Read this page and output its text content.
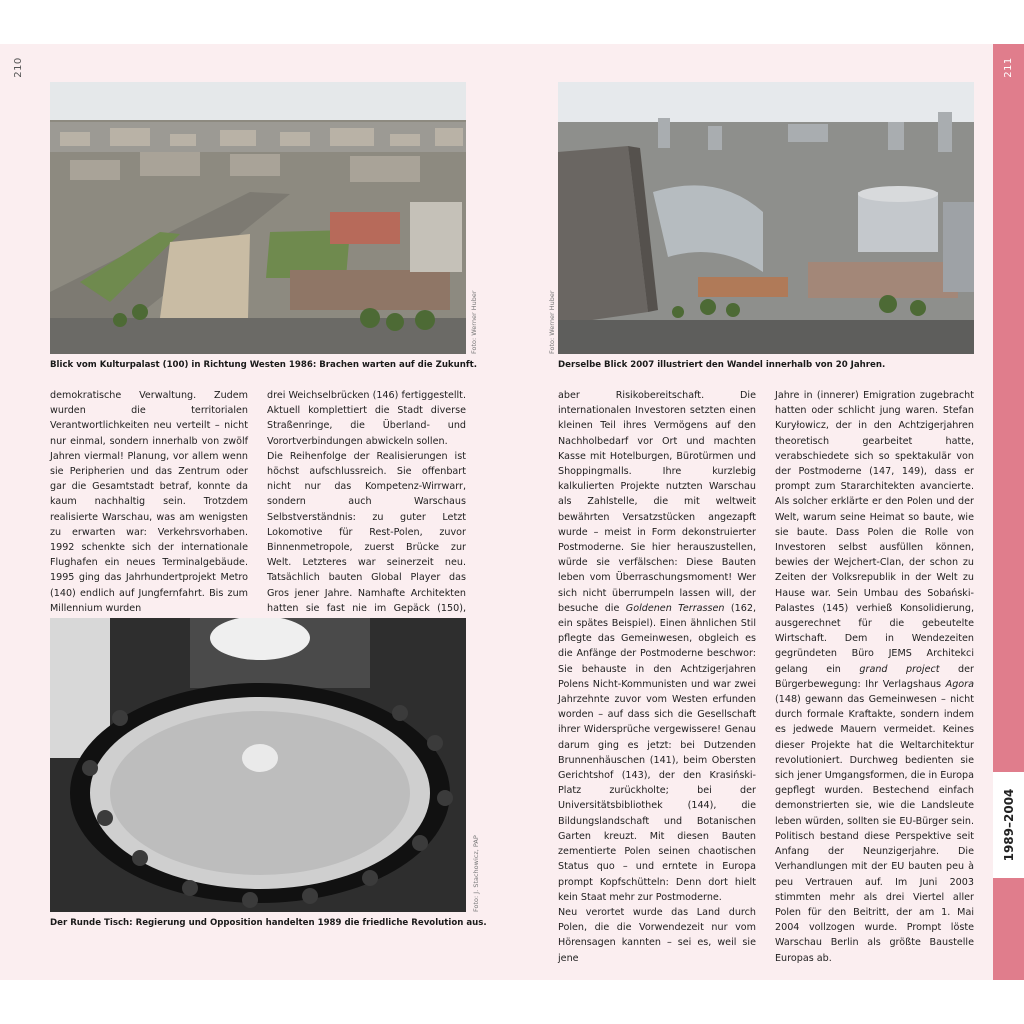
210
Foto: Werner Huber
Blick vom Kulturpalast (100) in Richtung Westen 1986: Brachen warten auf die Zukunft.

demokratische Verwaltung. Zudem wurden die territorialen Verantwortlichkeiten neu verteilt – nicht nur einmal, sondern innerhalb von zwölf Jahren viermal! Planung, vor allem wenn sie Peripherien und das Zentrum oder gar die Gesamtstadt betraf, konnte da kaum nachhaltig sein. Trotzdem realisierte Warschau, was am wenigsten zu erwarten war: Verkehrsvorhaben. 1992 schenkte sich der internationale Flughafen ein neues Terminalgebäude. 1995 ging das Jahrhundertprojekt Metro (140) endlich auf Jungfernfahrt. Bis zum Millennium wurden

drei Weichselbrücken (146) fertiggestellt. Aktuell komplettiert die Stadt diverse Straßenringe, die Überland- und Vorortverbindungen abwickeln sollen.

Die Reihenfolge der Realisierungen ist höchst aufschlussreich. Sie offenbart nicht nur das Kompetenz-Wirrwarr, sondern auch Warschaus Selbstverständnis: zu guter Letzt Lokomotive für Rest-Polen, zuvor Binnenmetropole, zuerst Brücke zur Welt. Letzteres war seinerzeit neu. Tatsächlich bauten Global Player das Gros jener Jahre. Namhafte Architekten hatten sie fast nie im Gepäck (150),

Foto: J. Stachowicz, PAP
Der Runde Tisch: Regierung und Opposition handelten 1989 die friedliche Revolution aus.
211
1989–2004
Foto: Werner Huber
Derselbe Blick 2007 illustriert den Wandel innerhalb von 20 Jahren.

aber Risikobereitschaft. Die internationalen Investoren setzten einen kleinen Teil ihres Vermögens auf den Nachholbedarf vor Ort und machten Kasse mit Hotelburgen, Bürotürmen und Shoppingmalls. Ihre kurzlebig kalkulierten Projekte nutzten Warschau als Zahlstelle, die mit weltweit bewährten Versatzstücken angezapft wurde – meist in Form dekonstruierter Postmoderne. Sie hier herauszustellen, würde sie verfälschen: Diese Bauten leben vom Überraschungsmoment! Wer sich nicht überrumpeln lassen will, der besuche die Goldenen Terrassen (162, ein spätes Beispiel). Einen ähnlichen Stil pflegte das Gemeinwesen, obgleich es die Anfänge der Postmoderne beschwor: Sie behauste in den Achtzigerjahren Polens Nicht-Kommunisten und war zwei Jahrzehnte zuvor vom Westen erfunden worden – auf dass sich die Gesellschaft ihrer Widersprüche vergewissere! Genau darum ging es jetzt: bei Dutzenden Brunnenhäuschen (141), beim Obersten Gerichtshof (143), der den Krasiński-Platz zurückholte; bei der Universitätsbibliothek (144), die Bildungslandschaft und Botanischen Garten kreuzt. Mit diesen Bauten zementierte Polen seinen chaotischen Status quo – und erntete in Europa prompt Kopfschütteln: Denn dort hielt kein Staat mehr zur Postmoderne.

Neu verortet wurde das Land durch Polen, die die Vorwendezeit nur vom Hörensagen kannten – sei es, weil sie jene

Jahre in (innerer) Emigration zugebracht hatten oder schlicht jung waren. Stefan Kuryłowicz, der in den Achtzigerjahren theoretisch gearbeitet hatte, verabschiedete sich so spektakulär von der Postmoderne (147, 149), dass er prompt zum Stararchitekten avancierte. Als solcher erklärte er den Polen und der Welt, warum seine Heimat so baute, wie sie baute. Dass Polen die Rolle von Investoren selbst ausfüllen können, bewies der Wejchert-Clan, der schon zu Zeiten der Volksrepublik in der Welt zu Hause war. Sein Umbau des Sobański-Palastes (145) verhieß Konsolidierung, ausgerechnet für die gebeutelte Wirtschaft. Dem in Wendezeiten gegründeten Büro JEMS Architekci gelang ein grand project der Bürgerbewegung: Ihr Verlagshaus Agora (148) gewann das Gemeinwesen – nicht durch formale Kraftakte, sondern indem es jedwede Mauern vermeidet. Keines dieser Projekte hat die Weltarchitektur revolutioniert. Durchweg bedienten sie sich jener Umgangsformen, die in Europa gepflegt wurden. Bestechend einfach demonstrierten sie, wie die Landsleute leben würden, sollten sie EU-Bürger sein. Politisch bestand diese Perspektive seit Anfang der Neunzigerjahre. Die Verhandlungen mit der EU bauten peu à peu Vertrauen auf. Im Juni 2003 stimmten mehr als drei Viertel aller Polen für den Beitritt, der am 1. Mai 2004 vollzogen wurde. Prompt löste Warschau Berlin als größte Baustelle Europas ab.
